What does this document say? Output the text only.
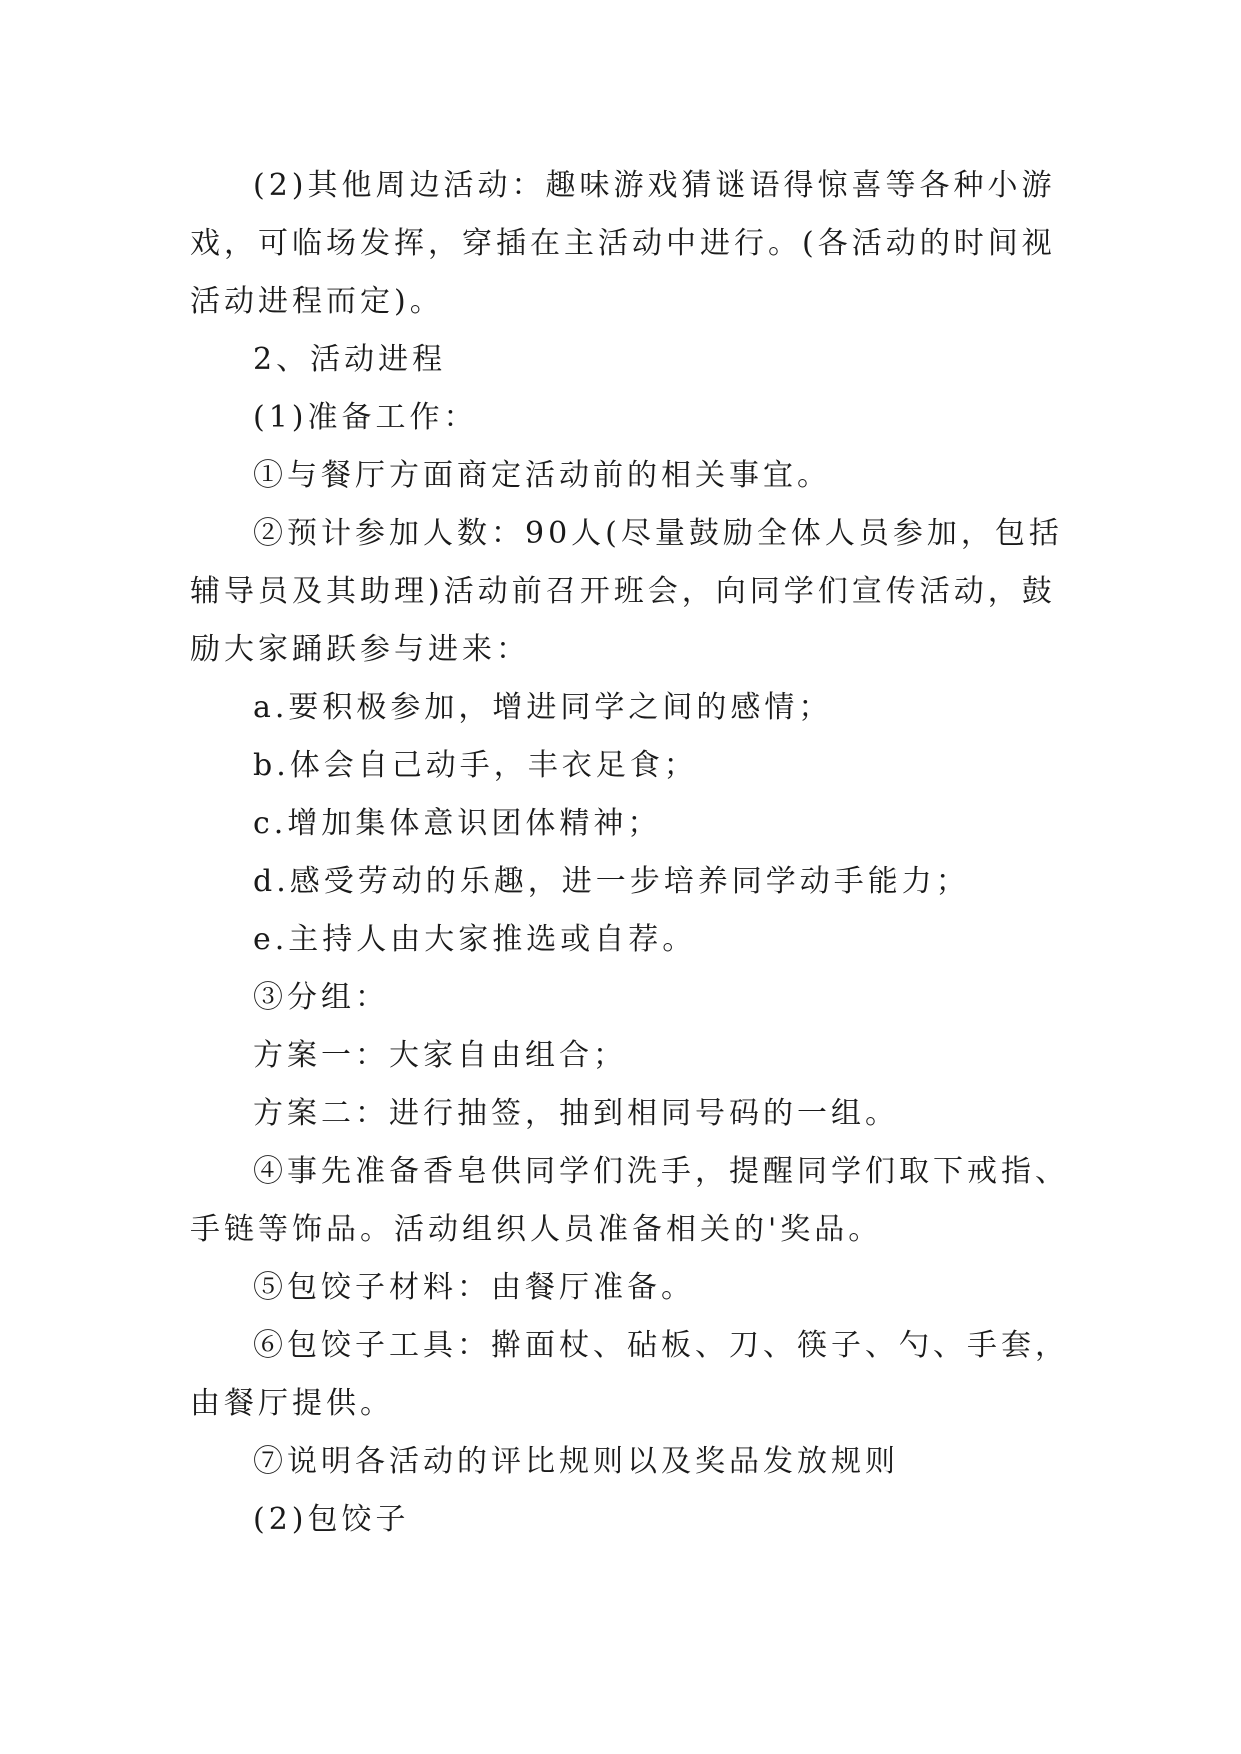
(2)其他周边活动：趣味游戏猜谜语得惊喜等各种小游
戏，可临场发挥，穿插在主活动中进行。(各活动的时间视
活动进程而定)。
2、活动进程
(1)准备工作：
①与餐厅方面商定活动前的相关事宜。
②预计参加人数：90人(尽量鼓励全体人员参加，包括
辅导员及其助理)活动前召开班会，向同学们宣传活动，鼓
励大家踊跃参与进来：
a.要积极参加，增进同学之间的感情；
b.体会自己动手，丰衣足食；
c.增加集体意识团体精神；
d.感受劳动的乐趣，进一步培养同学动手能力；
e.主持人由大家推选或自荐。
③分组：
方案一：大家自由组合；
方案二：进行抽签，抽到相同号码的一组。
④事先准备香皂供同学们洗手，提醒同学们取下戒指、
手链等饰品。活动组织人员准备相关的'奖品。
⑤包饺子材料：由餐厅准备。
⑥包饺子工具：擀面杖、砧板、刀、筷子、勺、手套，
由餐厅提供。
⑦说明各活动的评比规则以及奖品发放规则
(2)包饺子
